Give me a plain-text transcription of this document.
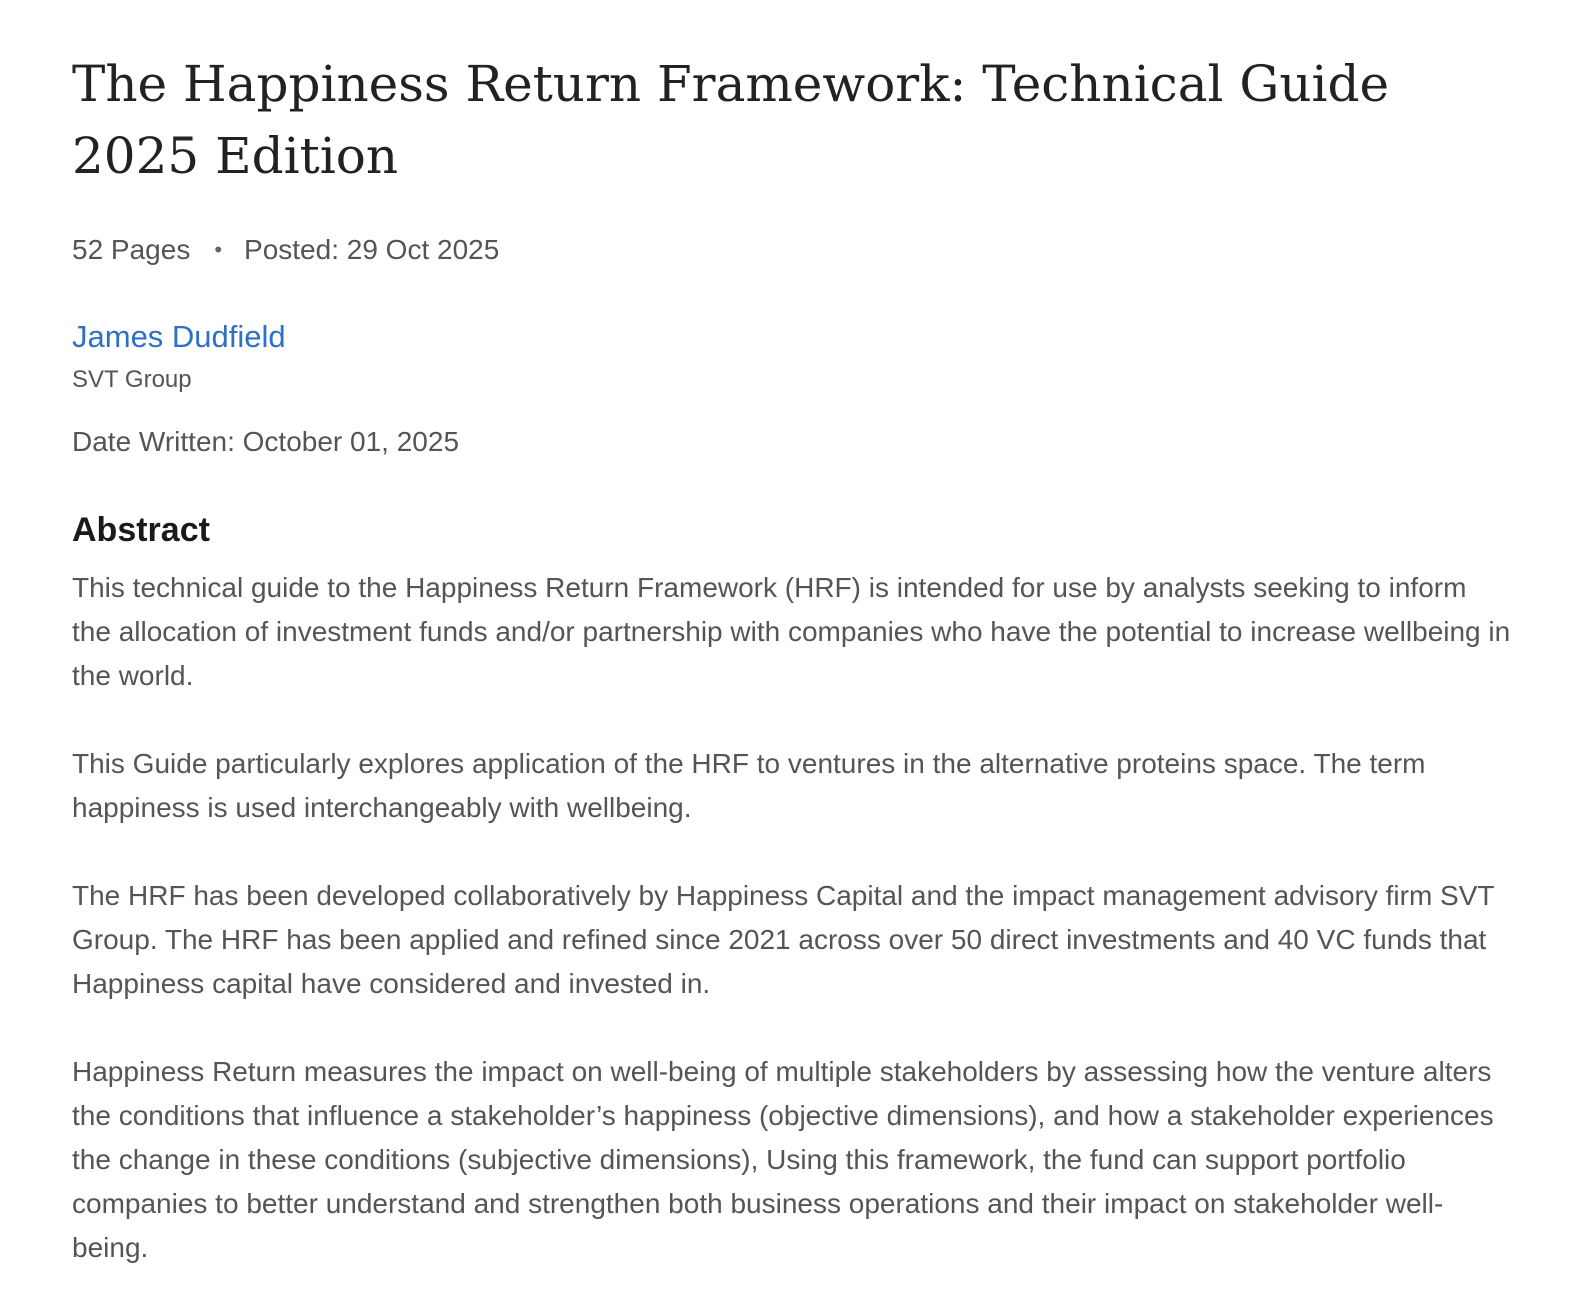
The Happiness Return Framework: Technical Guide 2025 Edition
52 Pages • Posted: 29 Oct 2025
James Dudfield
SVT Group
Date Written: October 01, 2025
Abstract

This technical guide to the Happiness Return Framework (HRF) is intended for use by analysts seeking to inform the allocation of investment funds and/or partnership with companies who have the potential to increase wellbeing in the world.

This Guide particularly explores application of the HRF to ventures in the alternative proteins space. The term happiness is used interchangeably with wellbeing.

The HRF has been developed collaboratively by Happiness Capital and the impact management advisory firm SVT Group. The HRF has been applied and refined since 2021 across over 50 direct investments and 40 VC funds that Happiness capital have considered and invested in.

Happiness Return measures the impact on well-being of multiple stakeholders by assessing how the venture alters the conditions that influence a stakeholder’s happiness (objective dimensions), and how a stakeholder experiences the change in these conditions (subjective dimensions), Using this framework, the fund can support portfolio companies to better understand and strengthen both business operations and their impact on stakeholder well-being.
